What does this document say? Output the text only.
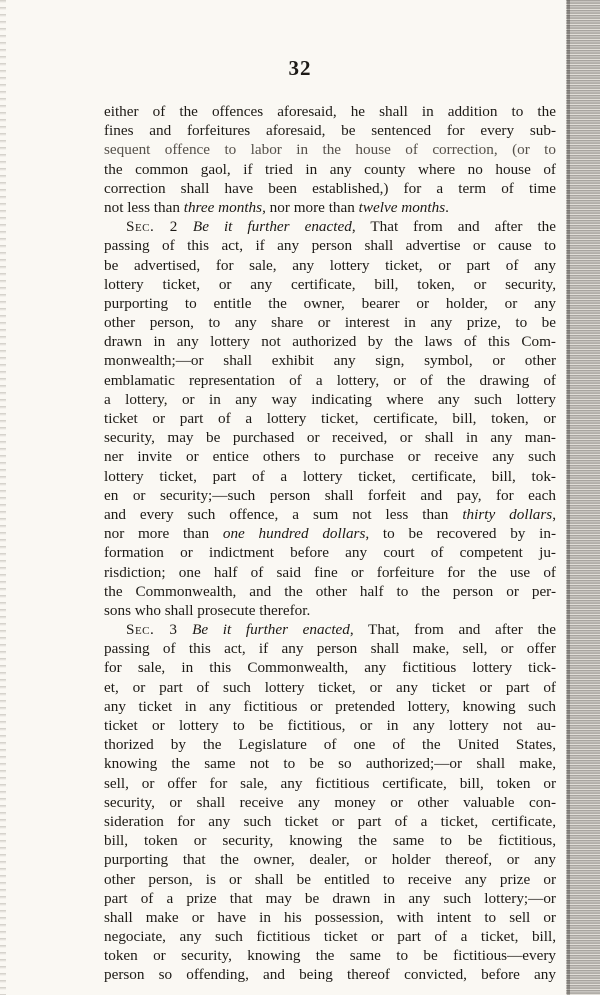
32
either of the offences aforesaid, he shall in addition to the
fines and forfeitures aforesaid, be sentenced for every sub-
sequent offence to labor in the house of correction, (or to
the common gaol, if tried in any county where no house of
correction shall have been established,) for a term of time
not less than three months, nor more than twelve months.
Sec. 2 Be it further enacted, That from and after the
passing of this act, if any person shall advertise or cause to
be advertised, for sale, any lottery ticket, or part of any
lottery ticket, or any certificate, bill, token, or security,
purporting to entitle the owner, bearer or holder, or any
other person, to any share or interest in any prize, to be
drawn in any lottery not authorized by the laws of this Com-
monwealth;—or shall exhibit any sign, symbol, or other
emblamatic representation of a lottery, or of the drawing of
a lottery, or in any way indicating where any such lottery
ticket or part of a lottery ticket, certificate, bill, token, or
security, may be purchased or received, or shall in any man-
ner invite or entice others to purchase or receive any such
lottery ticket, part of a lottery ticket, certificate, bill, tok-
en or security;—such person shall forfeit and pay, for each
and every such offence, a sum not less than thirty dollars,
nor more than one hundred dollars, to be recovered by in-
formation or indictment before any court of competent ju-
risdiction; one half of said fine or forfeiture for the use of
the Commonwealth, and the other half to the person or per-
sons who shall prosecute therefor.
Sec. 3 Be it further enacted, That, from and after the
passing of this act, if any person shall make, sell, or offer
for sale, in this Commonwealth, any fictitious lottery tick-
et, or part of such lottery ticket, or any ticket or part of
any ticket in any fictitious or pretended lottery, knowing such
ticket or lottery to be fictitious, or in any lottery not au-
thorized by the Legislature of one of the United States,
knowing the same not to be so authorized;—or shall make,
sell, or offer for sale, any fictitious certificate, bill, token or
security, or shall receive any money or other valuable con-
sideration for any such ticket or part of a ticket, certificate,
bill, token or security, knowing the same to be fictitious,
purporting that the owner, dealer, or holder thereof, or any
other person, is or shall be entitled to receive any prize or
part of a prize that may be drawn in any such lottery;—or
shall make or have in his possession, with intent to sell or
negociate, any such fictitious ticket or part of a ticket, bill,
token or security, knowing the same to be fictitious—every
person so offending, and being thereof convicted, before any
